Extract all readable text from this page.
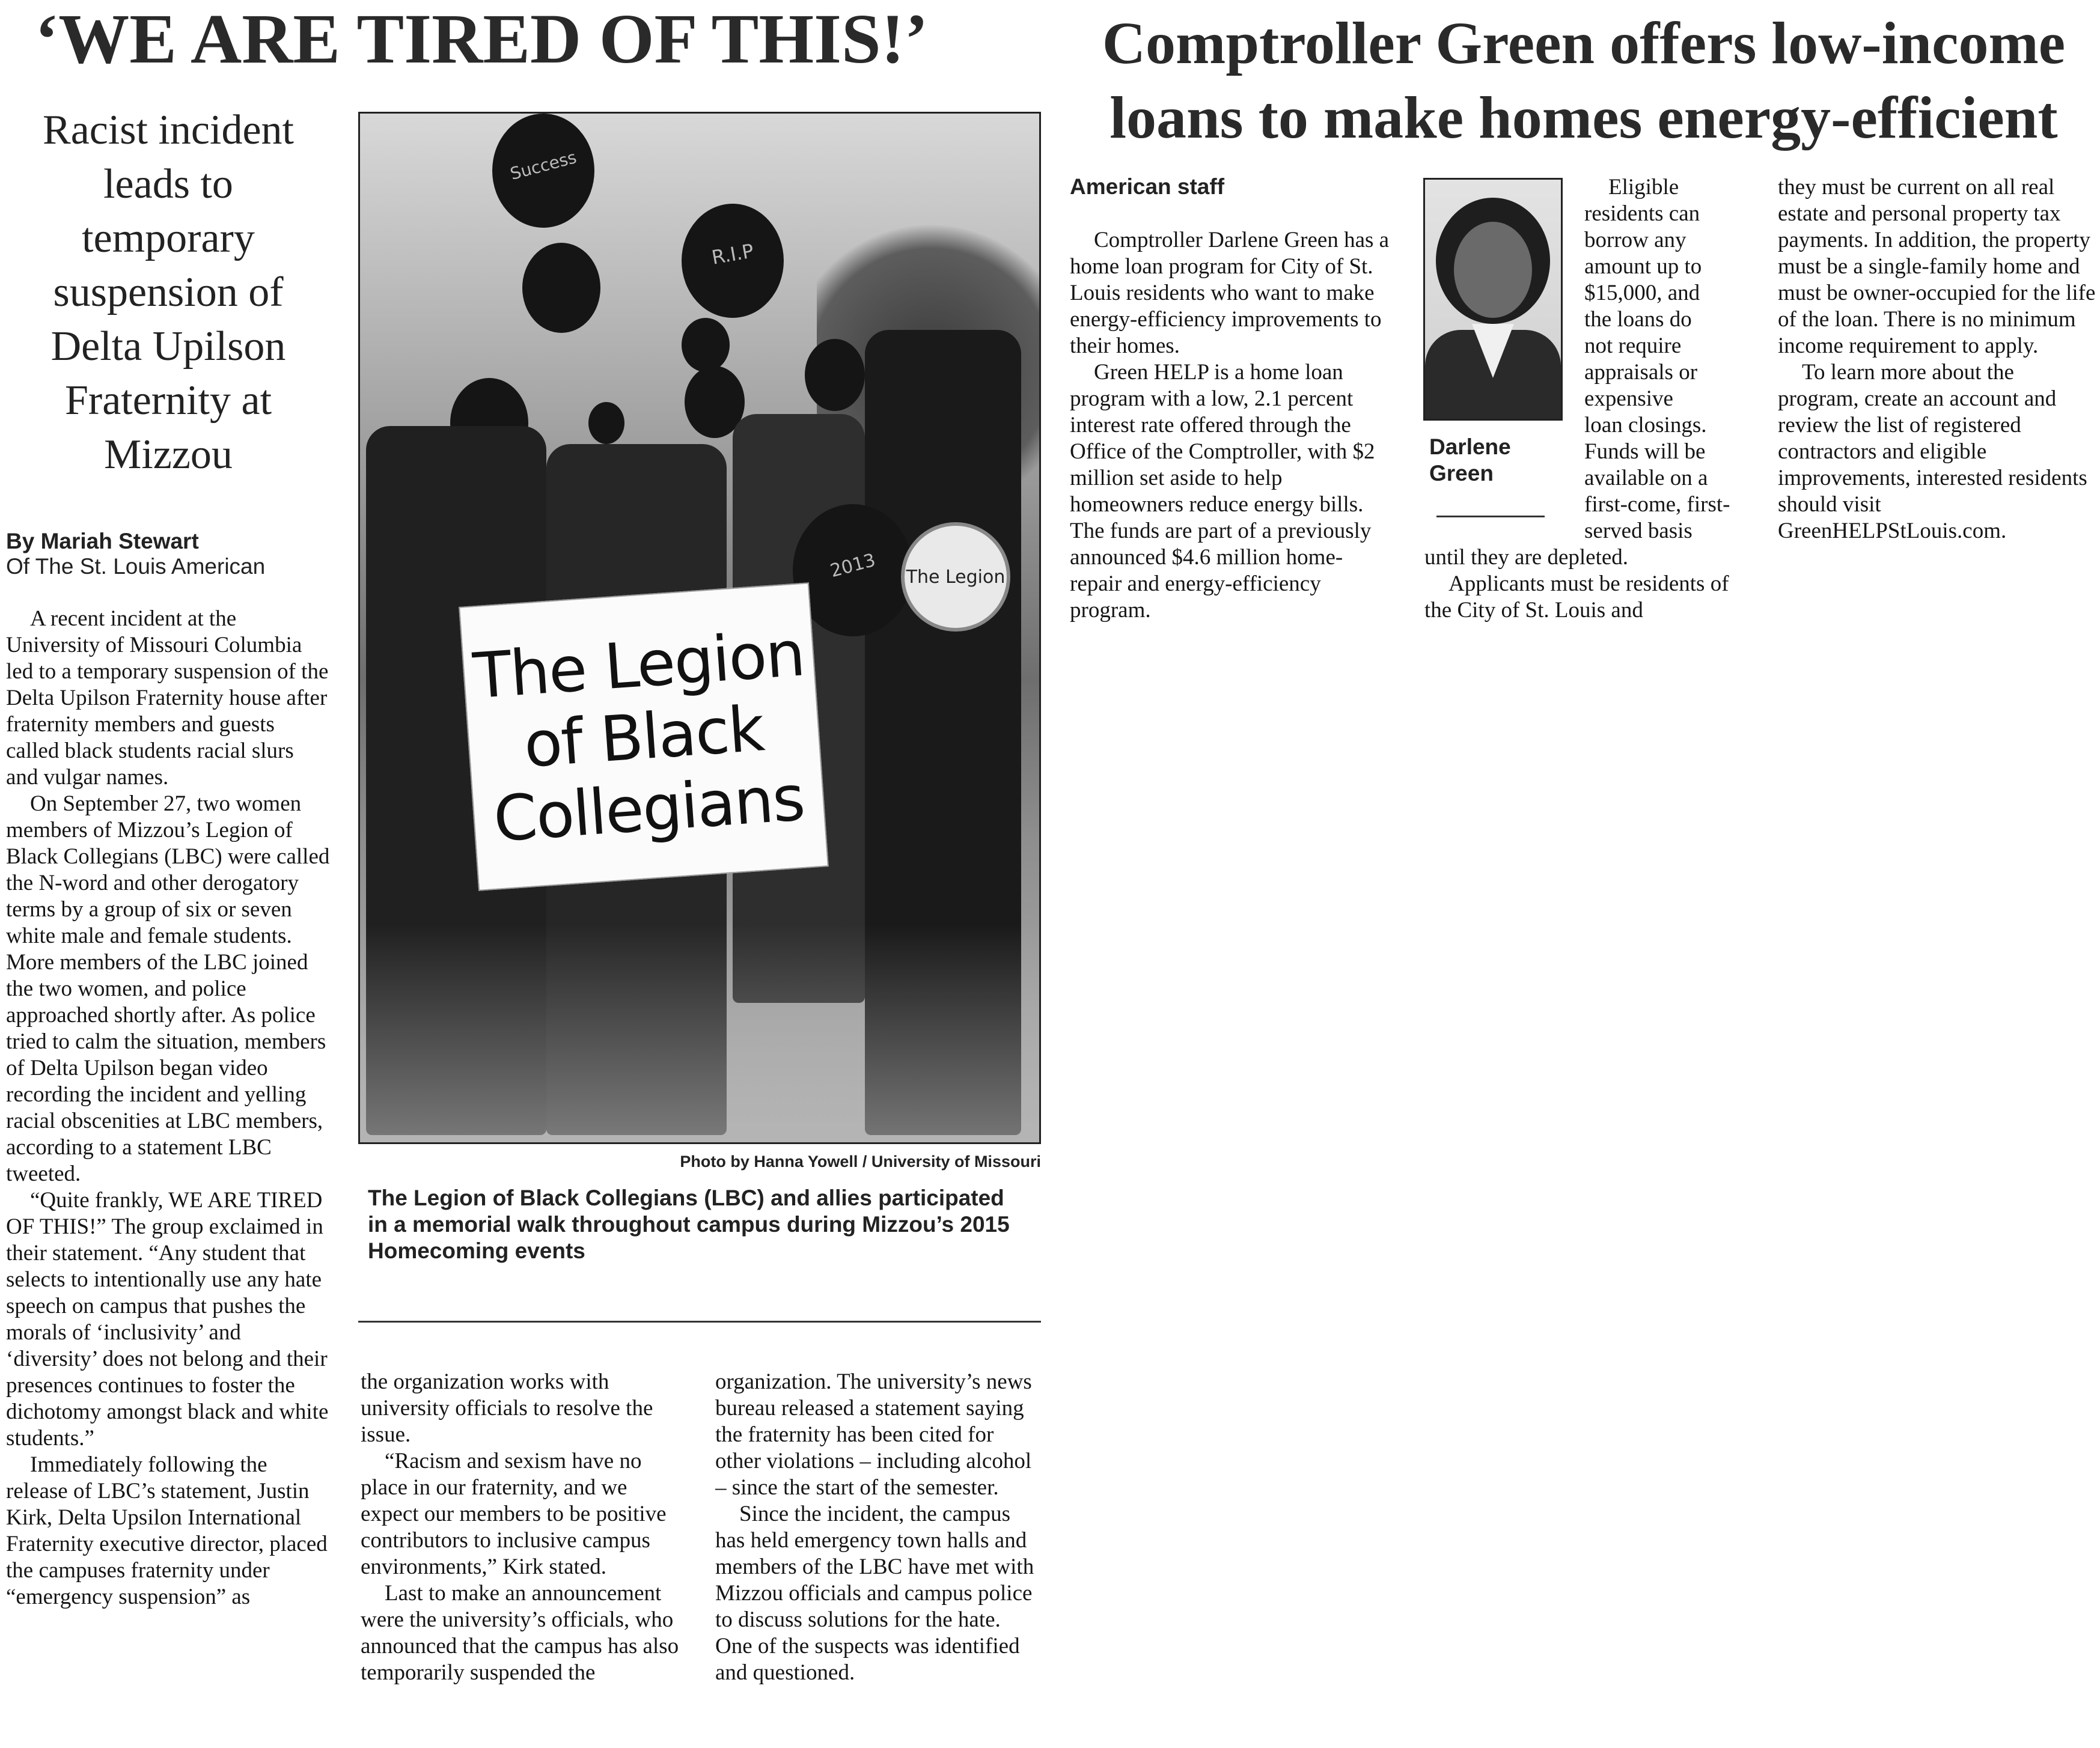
‘WE ARE TIRED OF THIS!’
Racist incident
leads to
temporary
suspension of
Delta Upilson
Fraternity at
Mizzou
By Mariah Stewart
Of The St. Louis American

A recent incident at the University of Missouri Columbia led to a temporary suspension of the Delta Upilson Fraternity house after fraternity members and guests called black students racial slurs and vulgar names.

On September 27, two women members of Mizzou’s Legion of Black Collegians (LBC) were called the N-word and other derogatory terms by a group of six or seven white male and female students. More members of the LBC joined the two women, and police approached shortly after. As police tried to calm the situation, members of Delta Upilson began video recording the incident and yelling racial obscenities at LBC members, according to a statement LBC tweeted.

“Quite frankly, WE ARE TIRED OF THIS!” The group exclaimed in their statement. “Any student that selects to intentionally use any hate speech on campus that pushes the morals of ‘inclusivity’ and ‘diversity’ does not belong and their presences continues to foster the dichotomy amongst black and white students.”

Immediately following the release of LBC’s statement, Justin Kirk, Delta Upsilon International Fraternity executive director, placed the campuses fraternity under “emergency suspension” as

Success
R.I.P
2013	The Legion
The Legion
of Black
Collegians
Photo by Hanna Yowell / University of Missouri
The Legion of Black Collegians (LBC) and allies participated in a memorial walk throughout campus during Mizzou’s 2015 Homecoming events

the organization works with university officials to resolve the issue.

“Racism and sexism have no place in our fraternity, and we expect our members to be positive contributors to inclusive campus environments,” Kirk stated.

Last to make an announcement were the university’s officials, who announced that the campus has also temporarily suspended the

organization. The university’s news bureau released a statement saying the fraternity has been cited for other violations – including alcohol – since the start of the semester.

Since the incident, the campus has held emergency town halls and members of the LBC have met with Mizzou officials and campus police to discuss solutions for the hate. One of the suspects was identified and questioned.

Comptroller Green offers low-income
loans to make homes energy-efficient
American staff

Comptroller Darlene Green has a home loan program for City of St. Louis residents who want to make energy-efficiency improvements to their homes.

Green HELP is a home loan program with a low, 2.1 percent interest rate offered through the Office of the Comptroller, with $2 million set aside to help homeowners reduce energy bills. The funds are part of a previously announced $4.6 million home-repair and energy-efficiency program.

Darlene Green
Eligible
residents can
borrow any
amount up to
$15,000, and
the loans do
not require
appraisals or
expensive
loan closings.
Funds will be
available on a
first-come, first-
served basis

until they are depleted.

Applicants must be residents of the City of St. Louis and

they must be current on all real estate and personal property tax payments. In addition, the property must be a single-family home and must be owner-occupied for the life of the loan. There is no minimum income requirement to apply.

To learn more about the program, create an account and review the list of registered contractors and eligible improvements, interested residents should visit GreenHELPStLouis.com.
